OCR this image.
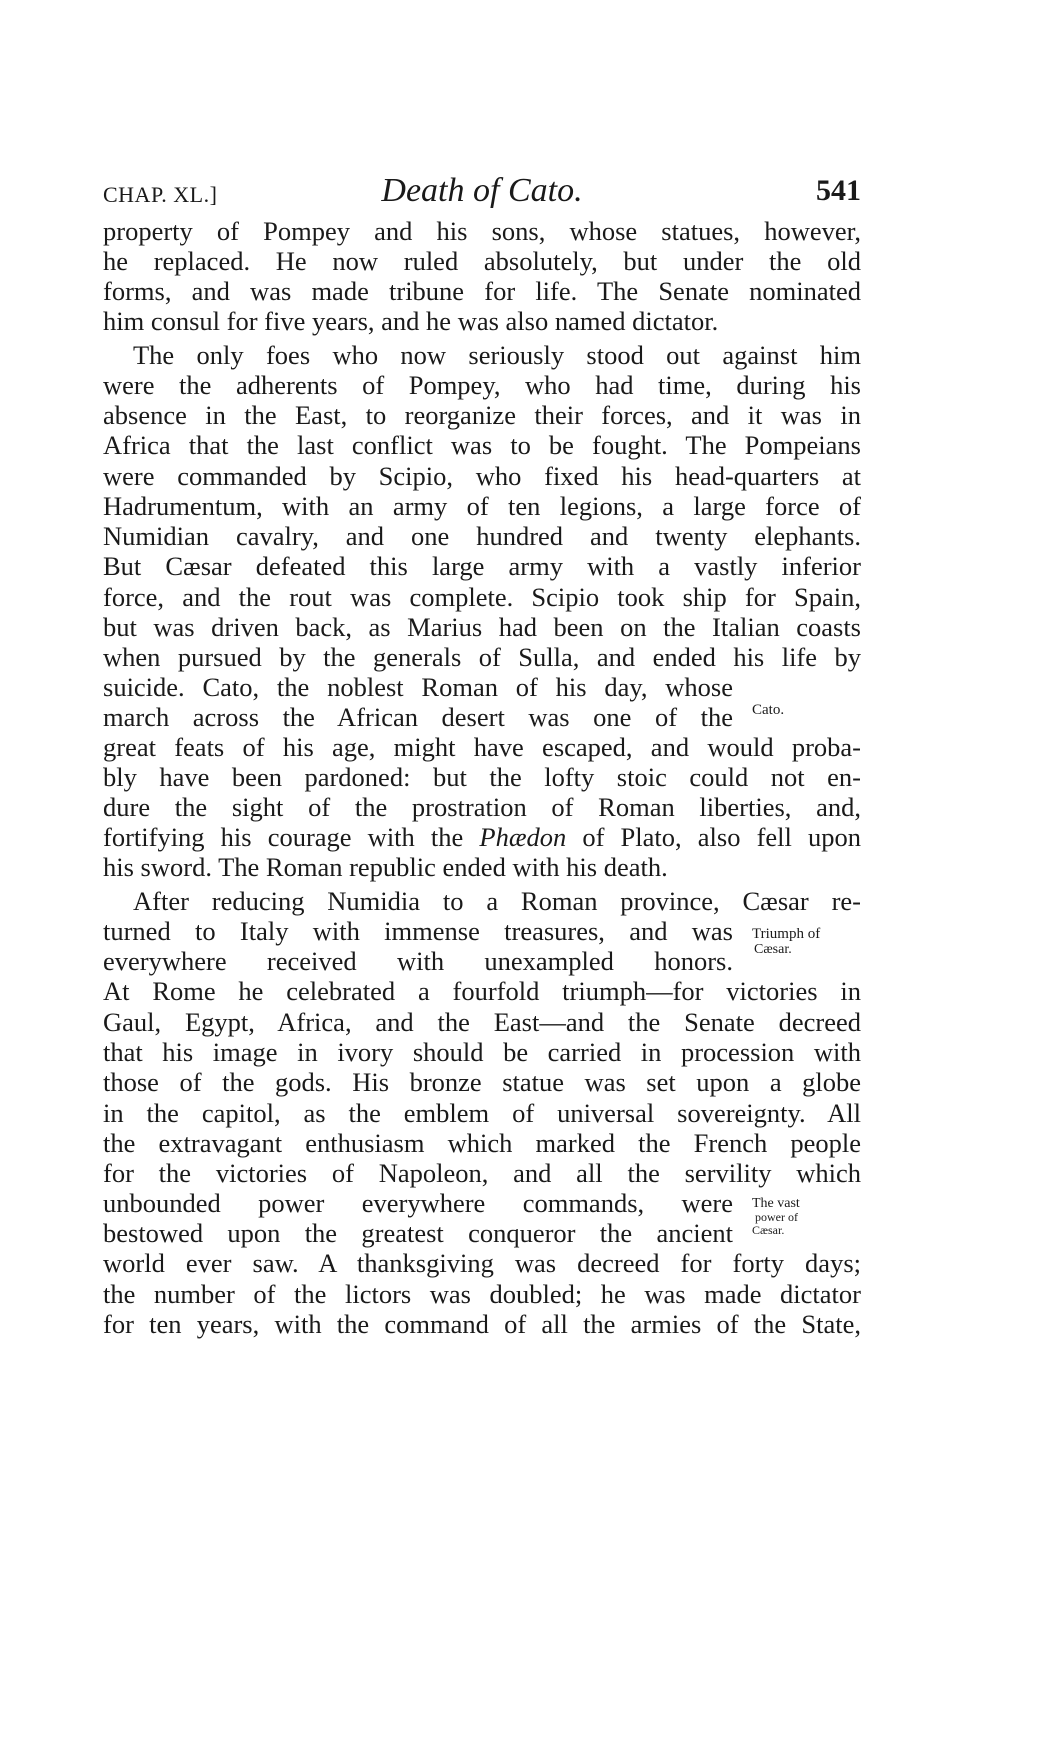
CHAP. XL.]	Death of Cato.	541
property of Pompey and his sons, whose statues, however,
he replaced. He now ruled absolutely, but under the old
forms, and was made tribune for life. The Senate nominated
him consul for five years, and he was also named dictator.
The only foes who now seriously stood out against him
were the adherents of Pompey, who had time, during his
absence in the East, to reorganize their forces, and it was in
Africa that the last conflict was to be fought. The Pompeians
were commanded by Scipio, who fixed his head-quarters at
Hadrumentum, with an army of ten legions, a large force of
Numidian cavalry, and one hundred and twenty elephants.
But Cæsar defeated this large army with a vastly inferior
force, and the rout was complete. Scipio took ship for Spain,
but was driven back, as Marius had been on the Italian coasts
when pursued by the generals of Sulla, and ended his life by
suicide. Cato, the noblest Roman of his day, whose
march across the African desert was one of the
great feats of his age, might have escaped, and would proba-
bly have been pardoned: but the lofty stoic could not en-
dure the sight of the prostration of Roman liberties, and,
fortifying his courage with the Phædon of Plato, also fell upon
his sword. The Roman republic ended with his death.
After reducing Numidia to a Roman province, Cæsar re-
turned to Italy with immense treasures, and was
everywhere received with unexampled honors.
At Rome he celebrated a fourfold triumph—for victories in
Gaul, Egypt, Africa, and the East—and the Senate decreed
that his image in ivory should be carried in procession with
those of the gods. His bronze statue was set upon a globe
in the capitol, as the emblem of universal sovereignty. All
the extravagant enthusiasm which marked the French people
for the victories of Napoleon, and all the servility which
unbounded power everywhere commands, were
bestowed upon the greatest conqueror the ancient
world ever saw. A thanksgiving was decreed for forty days;
the number of the lictors was doubled; he was made dictator
for ten years, with the command of all the armies of the State,
Cato.
Triumph of
Cæsar.
The vast
power of
Cæsar.
